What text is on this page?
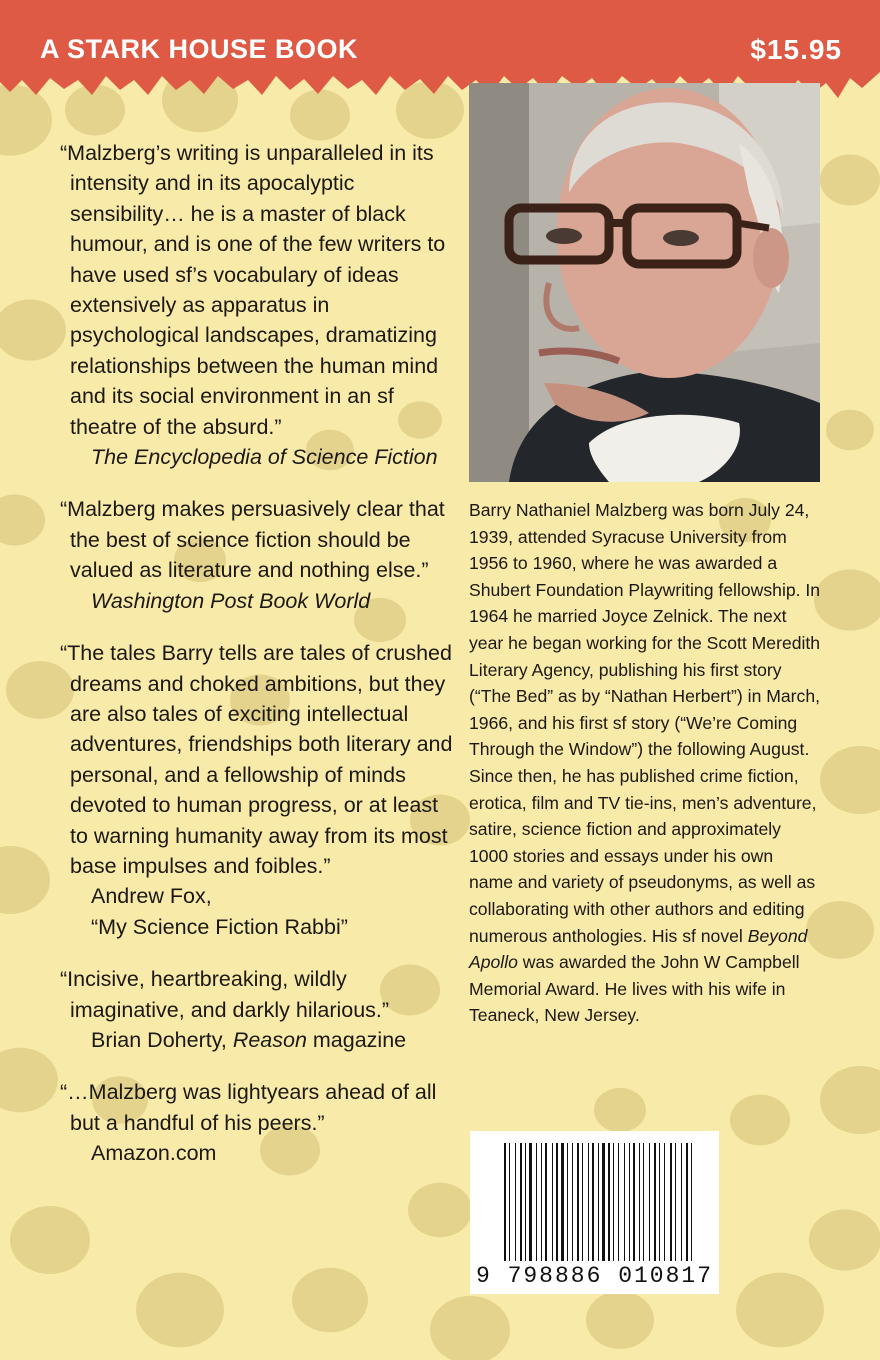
A STARK HOUSE BOOK	$15.95
“Malzberg’s writing is unparalleled in its intensity and in its apocalyptic sensibility… he is a master of black humour, and is one of the few writers to have used sf’s vocabulary of ideas extensively as apparatus in psychological landscapes, dramatizing relationships between the human mind and its social environment in an sf theatre of the absurd.”
The Encyclopedia of Science Fiction
“Malzberg makes persuasively clear that the best of science fiction should be valued as literature and nothing else.”
Washington Post Book World
“The tales Barry tells are tales of crushed dreams and choked ambitions, but they are also tales of exciting intellectual adventures, friendships both literary and personal, and a fellowship of minds devoted to human progress, or at least to warning humanity away from its most base impulses and foibles.”
Andrew Fox,
“My Science Fiction Rabbi”
“Incisive, heartbreaking, wildly imaginative, and darkly hilarious.”
Brian Doherty, Reason magazine
“…Malzberg was lightyears ahead of all but a handful of his peers.”
Amazon.com
Barry Nathaniel Malzberg was born July 24, 1939, attended Syracuse University from 1956 to 1960, where he was awarded a Shubert Foundation Playwriting fellowship. In 1964 he married Joyce Zelnick. The next year he began working for the Scott Meredith Literary Agency, publishing his first story (“The Bed” as by “Nathan Herbert”) in March, 1966, and his first sf story (“We’re Coming Through the Window”) the following August. Since then, he has published crime fiction, erotica, film and TV tie-ins, men’s adventure, satire, science fiction and approximately 1000 stories and essays under his own name and variety of pseudonyms, as well as collaborating with other authors and editing numerous anthologies. His sf novel Beyond Apollo was awarded the John W Campbell Memorial Award. He lives with his wife in Teaneck, New Jersey.
9 798886 010817
